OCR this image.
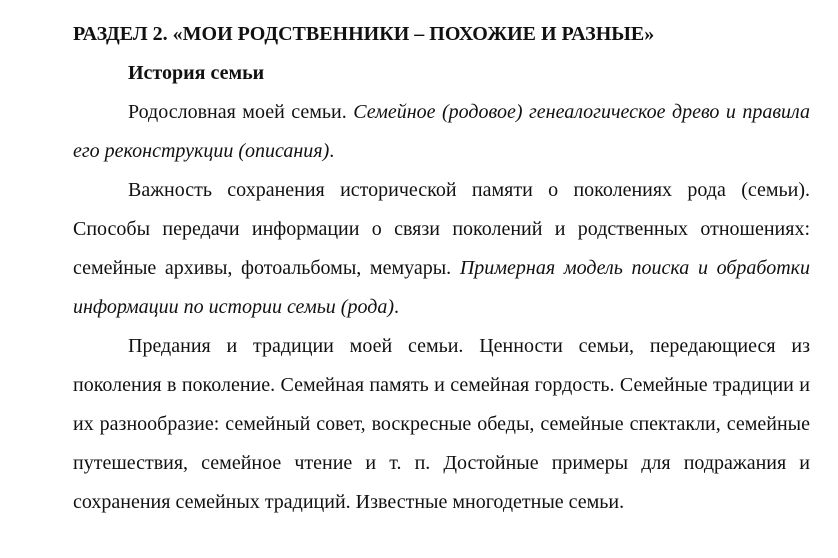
РАЗДЕЛ 2. «МОИ РОДСТВЕННИКИ – ПОХОЖИЕ И РАЗНЫЕ»
История семьи

Родословная моей семьи. Семейное (родовое) генеалогическое древо и правила его реконструкции (описания).

Важность сохранения исторической памяти о поколениях рода (семьи). Способы передачи информации о связи поколений и родственных отношениях: семейные архивы, фотоальбомы, мемуары. Примерная модель поиска и обработки информации по истории семьи (рода).

Предания и традиции моей семьи. Ценности семьи, передающиеся из поколения в поколение. Семейная память и семейная гордость. Семейные традиции и их разнообразие: семейный совет, воскресные обеды, семейные спектакли, семейные путешествия, семейное чтение и т. п. Достойные примеры для подражания и сохранения семейных традиций. Известные многодетные семьи.
